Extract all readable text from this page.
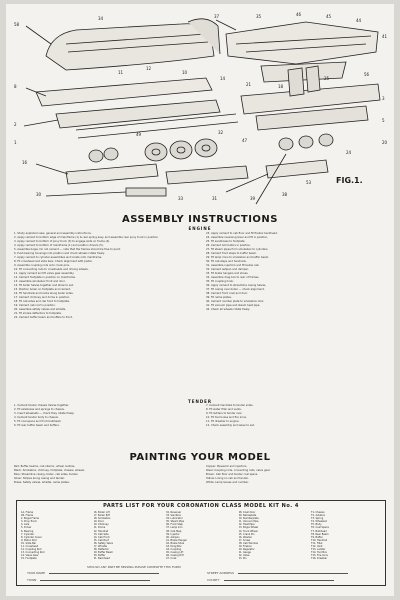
58
34	37	35	46	45
44
41
8
2
1
16
30
11
12
10
14
21	18
25
56
3
5
20
24
32
47
49
33	31	39
38
53	FIG.1.
ASSEMBLY INSTRUCTIONS
ENGINE

1. Study exploded view, general and assembly instructions.

2. Apply cement to bottom edge of mainframe (1) & rear spring assy. and assemble rear pony truck in position.

3. Apply cement to bottom of pony truck (3) to engage slots on frame (4).

4. Apply cement to bottom of mainframe (1) and position drivers (5).

5. Assemble bogie. Do not cement — note that the frames should be free to pivot.

6. Push bearing housings into position and check wheels rotate freely.

7. Apply cement to cylinder assemblies and locate onto mainframe.

8. Fit crosshead and slide bars. Check alignment with piston.

9. Assemble coupling rods onto crank pins.

10. Fit connecting rods to crossheads and driving wheels.

11. Apply cement and fit valve gear assembly.

12. Cement footplate in position on mainframe.

13. Assemble smokebox front and door.

14. Fit boiler halves together and allow to set.

15. Position boiler on footplate and cement.

16. Fit handrails and knobs along boiler sides.

17. Cement chimney and dome in position.

18. Fit cab sides and cab front to footplate.

19. Cement cab roof in position.

20. Assemble safety valves and whistle.

21. Fit smoke deflectors to footplate.

22. Cement buffer beam and buffers to front.

23. Apply cement to cab floor and fit firebox backhead.

24. Assemble reversing lever and fit in position.

25. Fit sandboxes to footplate.

26. Cement lubricators in position.

27. Fit steam pipes from smokebox to cylinders.

28. Cement front steps to buffer beam.

29. Fit lamp irons to smokebox and buffer beam.

30. Fit cab steps and handrails.

31. Assemble injectors and fit below cab.

32. Cement ashpan and damper.

33. Fit brake hangers and shoes.

34. Assemble drag box to rear of frames.

35. Fit coupling hook.

36. Apply cement to streamline casing halves.

37. Fit casing over boiler — check alignment.

38. Cement front cowl and door.

39. Fit name plates.

40. Cement number plate to smokebox door.

41. Fit vacuum pipe and steam heat pipe.

42. Check all wheels rotate freely.

TENDER

1. Cement tender chassis halves together.

2. Fit axleboxes and springs to chassis.

3. Insert wheelsets — check they rotate freely.

4. Cement tender body to chassis.

5. Fit coal space and front bulkhead.

6. Fit rear buffer beam and buffers.

7. Cement handrails to tender sides.

8. Fit water filler and vents.

9. Fit ladders to tender rear.

10. Fit tool boxes and fire irons.

11. Fit drawbar to engine.

12. Check assembly and leave to set.

PAINTING YOUR MODEL

Red: Buffer beams, cab interior, wheel centres.

Black: Smokebox, chimney, footplate, chassis, wheels.

Blue: Streamline casing, boiler, cab sides, tender.

Silver: Stripes along casing and tender.

Brass: Safety valves, whistle, name plates.

Copper: Pipework and injectors.

Steel: Coupling rods, connecting rods, valve gear.

Brown: Cab floor and tender coal space.

Yellow: Lining on cab and tender.

White: Lamp lenses and number.

PARTS LIST FOR YOUR CORONATION CLASS MODEL KIT No. 4
1A. Frame
1B. Frame
2. Bogie Frame
3. Pony Truck
4. Axle
5. Driver
6. Bearing
7. Cylinder
8. Cylinder Cover
9. Piston Rod
10. Slide Bar
11. Crosshead
12. Coupling Rod
13. Connecting Rod
14. Valve Gear
15. Footplate
16. Boiler L/H
17. Boiler R/H
18. Smokebox
19. Door
20. Chimney
21. Dome
22. Handrail
23. Cab Side
24. Cab Front
25. Cab Roof
26. Safety Valve
27. Whistle
28. Deflector
29. Buffer Beam
30. Buffer
31. Backhead
32. Reverser
33. Sandbox
34. Lubricator
35. Steam Pipe
36. Front Step
37. Lamp Iron
38. Cab Step
39. Injector
40. Ashpan
41. Brake Hanger
42. Brake Shoe
43. Drag Box
44. Coupling
45. Casing L/H
46. Casing R/H
47. Cowl
48. Cowl Door
49. Nameplate
50. Numberplate
51. Vacuum Pipe
52. Heat Pipe
53. Bogie Wheel
54. Truck Wheel
55. Crank Pin
56. Washer
57. Screw
58. Cab Window
59. Firebox
60. Regulator
61. Gauge
62. Valve
63. Pin
T1. Chassis
T2. Axlebox
T3. Spring
T4. Wheelset
T5. Body
T6. Coal Space
T7. Bulkhead
T8. Rear Beam
T9. Buffer
T10. Handrail
T11. Filler
T12. Vent
T13. Ladder
T14. Tool Box
T15. Fire Irons
T16. Drawbar
SHOULD ANY PART BE MISSING PLEASE COMPLETE THIS FORM
YOUR NAME	STREET ADDRESS
TOWN	COUNTY
